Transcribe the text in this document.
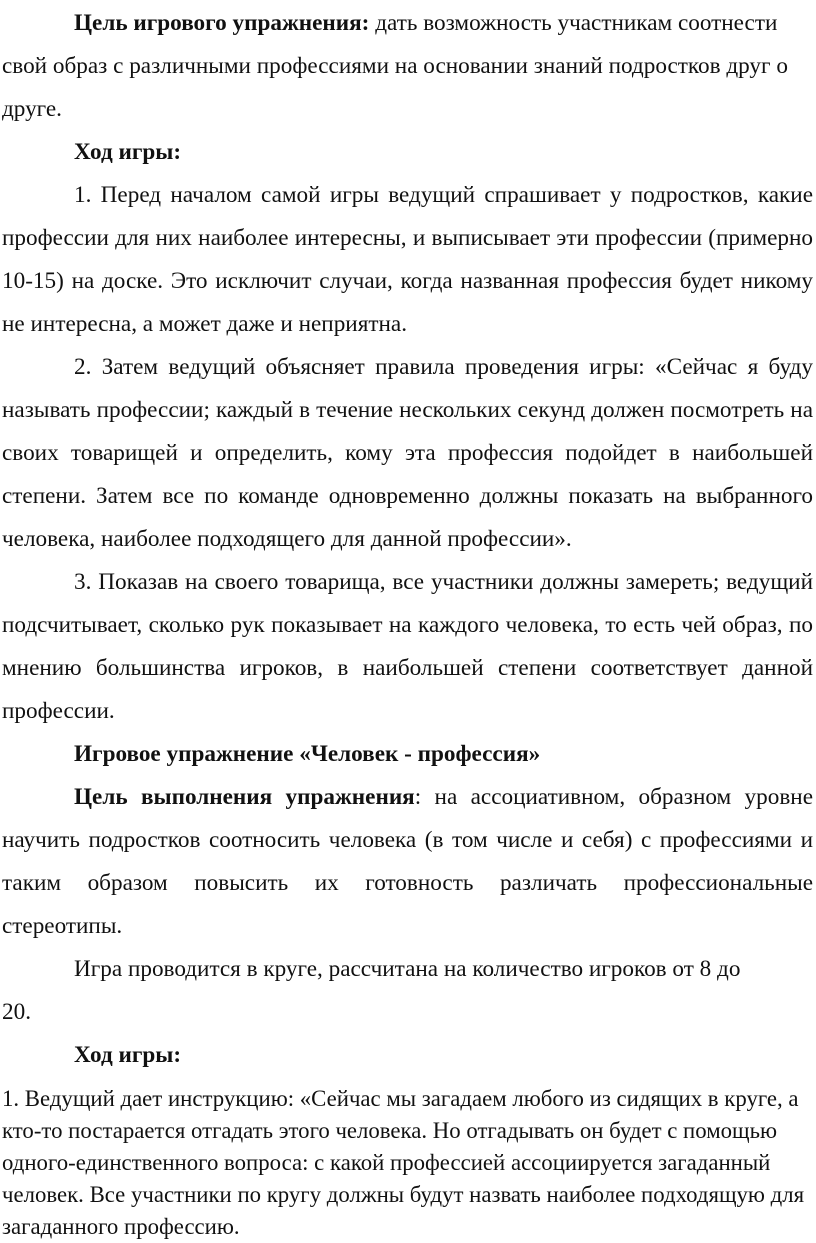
Цель игрового упражнения: дать возможность участникам соотнести свой образ с различными профессиями на основании знаний подростков друг о друге.

Ход игры:

1. Перед началом самой игры ведущий спрашивает у подростков, какие профессии для них наиболее интересны, и выписывает эти профессии (примерно 10-15) на доске. Это исключит случаи, когда названная профессия будет никому не интересна, а может даже и неприятна.

2. Затем ведущий объясняет правила проведения игры: «Сейчас я буду называть профессии; каждый в течение нескольких секунд должен посмотреть на своих товарищей и определить, кому эта профессия подойдет в наибольшей степени. Затем все по команде одновременно должны показать на выбранного человека, наиболее подходящего для данной профессии».

3. Показав на своего товарища, все участники должны замереть; ведущий подсчитывает, сколько рук показывает на каждого человека, то есть чей образ, по мнению большинства игроков, в наибольшей степени соответствует данной профессии.

Игровое упражнение «Человек - профессия»

Цель выполнения упражнения: на ассоциативном, образном уровне научить подростков соотносить человека (в том числе и себя) с профессиями и таким образом повысить их готовность различать профессиональные стереотипы.

Игра проводится в круге, рассчитана на количество игроков от 8 до 20.

Ход игры:

1. Ведущий дает инструкцию: «Сейчас мы загадаем любого из сидящих в круге, а кто-то постарается отгадать этого человека. Но отгадывать он будет с помощью одного-единственного вопроса: с какой профессией ассоциируется загаданный человек. Все участники по кругу должны будут назвать наиболее подходящую для загаданного профессию.
